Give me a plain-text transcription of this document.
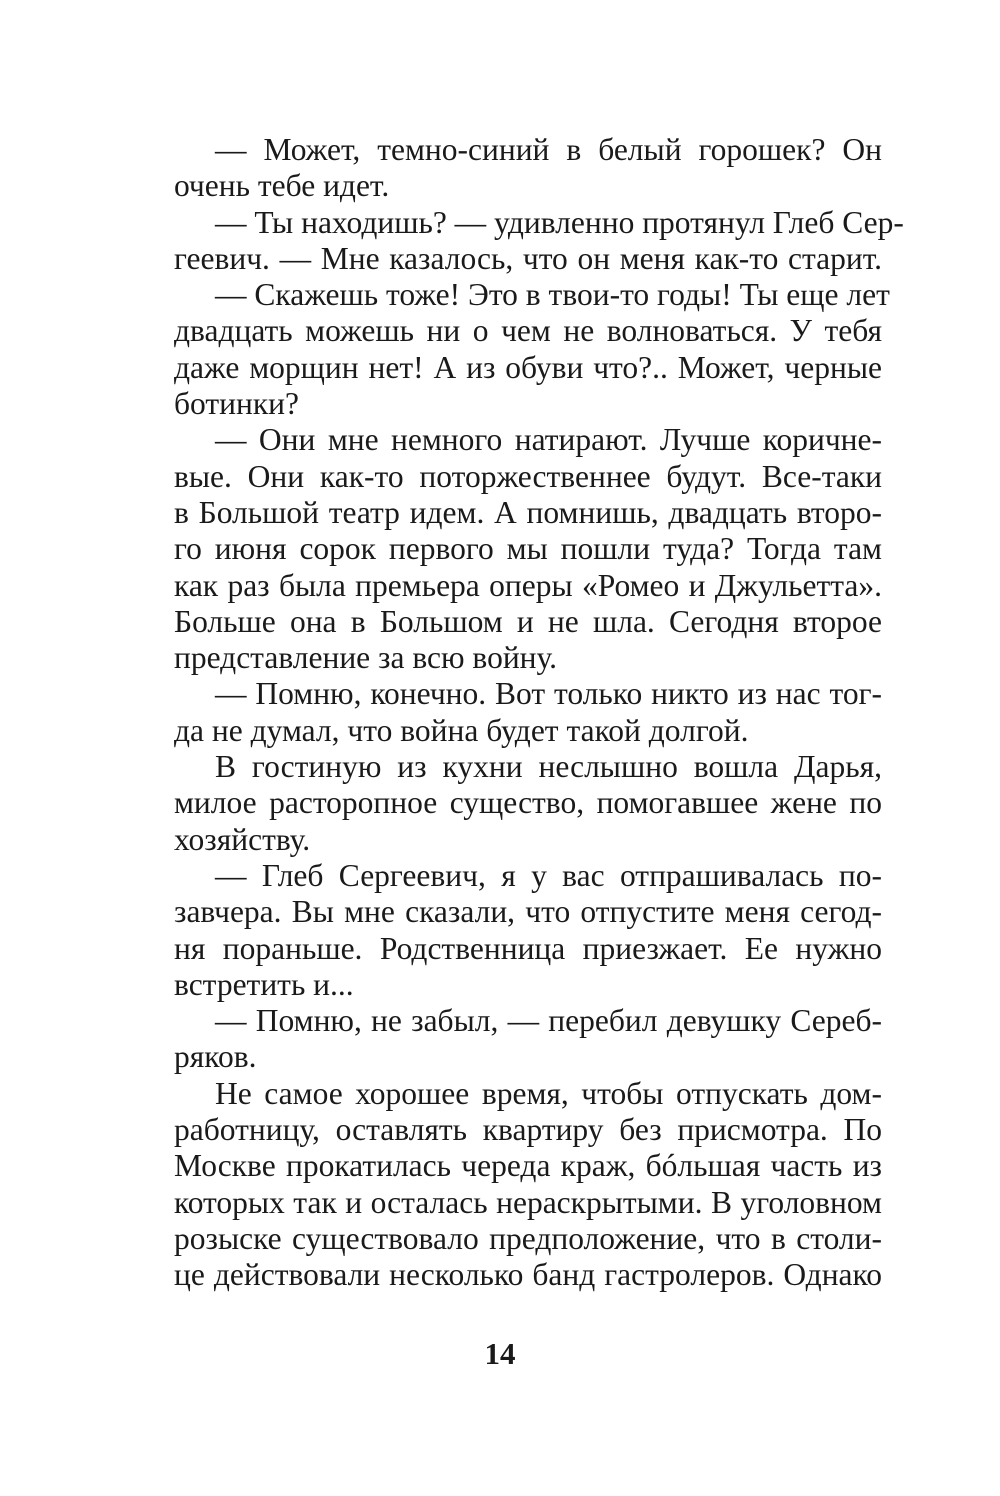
— Может, темно-синий в белый горошек? Он
очень тебе идет.
— Ты находишь? — удивленно протянул Глеб Сер-
геевич. — Мне казалось, что он меня как-то старит.
— Скажешь тоже! Это в твои-то годы! Ты еще лет
двадцать можешь ни о чем не волноваться. У тебя
даже морщин нет! А из обуви что?.. Может, черные
ботинки?
— Они мне немного натирают. Лучше коричне-
вые. Они как-то поторжественнее будут. Все-таки
в Большой театр идем. А помнишь, двадцать второ-
го июня сорок первого мы пошли туда? Тогда там
как раз была премьера оперы «Ромео и Джульетта».
Больше она в Большом и не шла. Сегодня второе
представление за всю войну.
— Помню, конечно. Вот только никто из нас тог-
да не думал, что война будет такой долгой.
В гостиную из кухни неслышно вошла Дарья,
милое расторопное существо, помогавшее жене по
хозяйству.
— Глеб Сергеевич, я у вас отпрашивалась по-
завчера. Вы мне сказали, что отпустите меня сегод-
ня пораньше. Родственница приезжает. Ее нужно
встретить и...
— Помню, не забыл, — перебил девушку Сереб-
ряков.
Не самое хорошее время, чтобы отпускать дом-
работницу, оставлять квартиру без присмотра. По
Москве прокатилась череда краж, бóльшая часть из
которых так и осталась нераскрытыми. В уголовном
розыске существовало предположение, что в столи-
це действовали несколько банд гастролеров. Однако
14
